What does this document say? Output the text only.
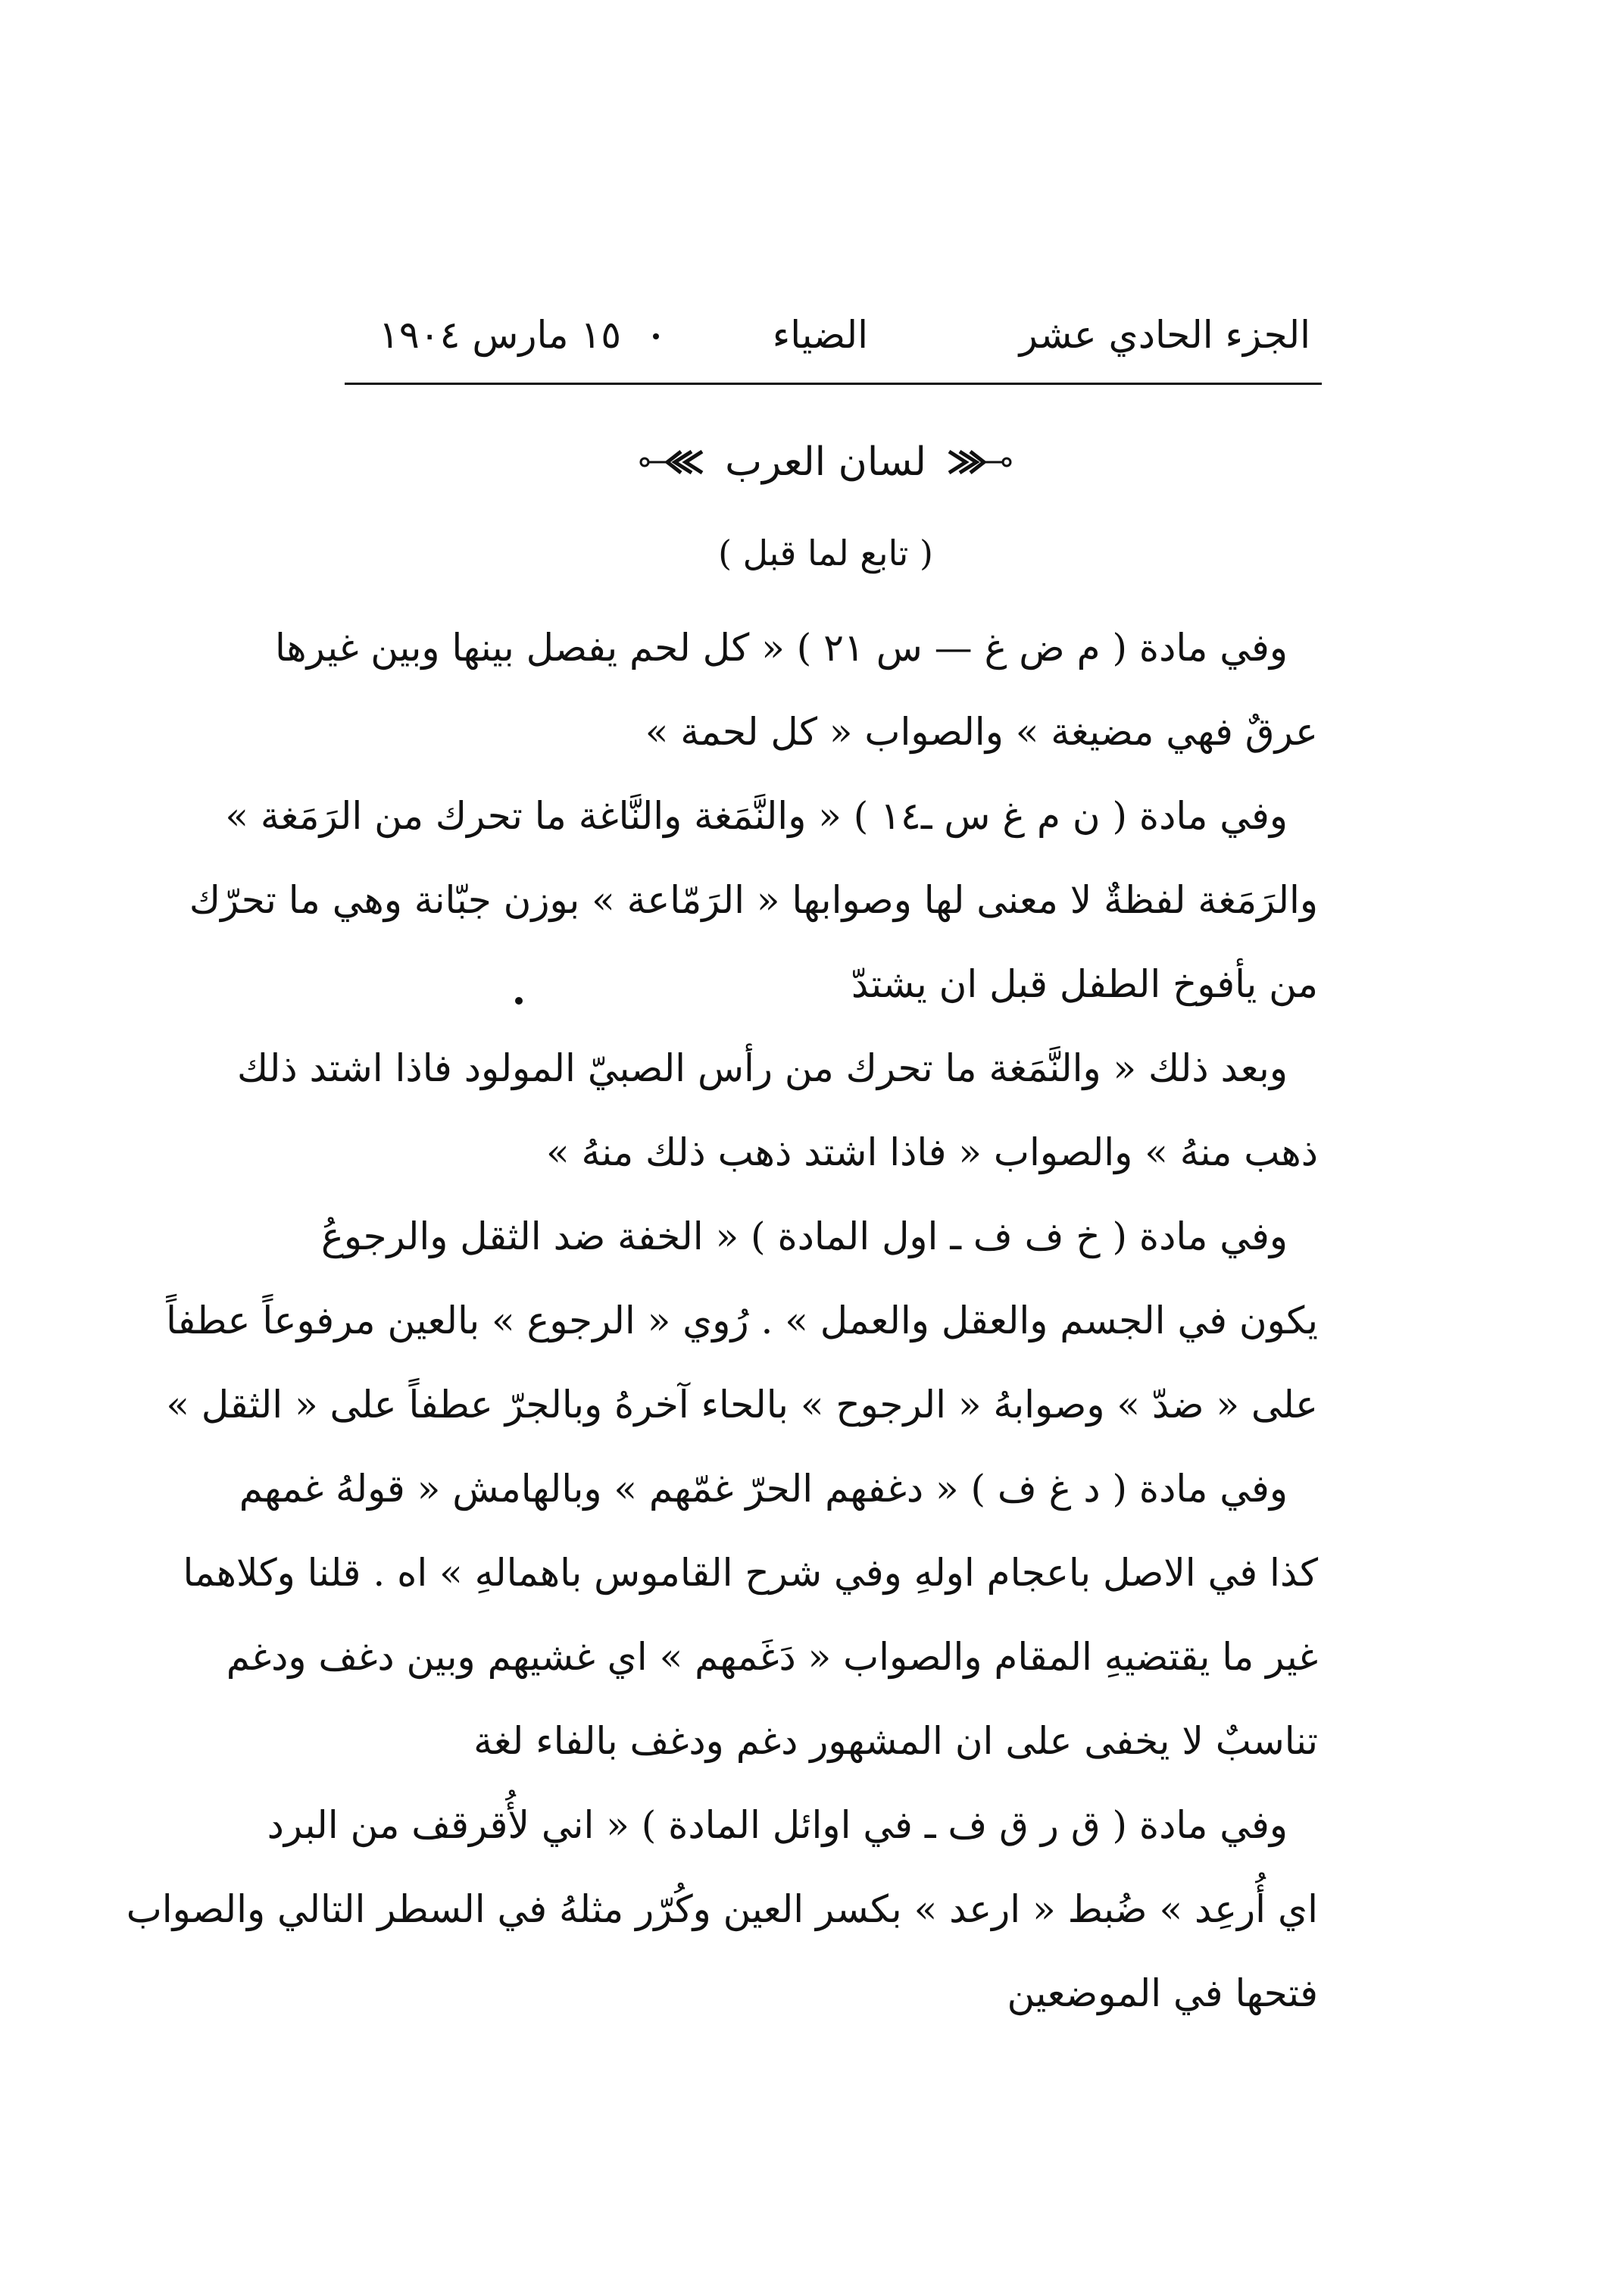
الجزء الحادي عشر
الضياء
١٥ مارس ١٩٠٤
لسان العرب
( تابع لما قبل )
وفي مادة ( م ض غ — س ٢١ ) « كل لحم يفصل بينها وبين غيرها
عرقٌ فهي مضيغة » والصواب « كل لحمة »
وفي مادة ( ن م غ س ـ١٤ ) « والنَّمَغة والنَّاغة ما تحرك من الرَمَغة »
والرَمَغة لفظةٌ لا معنى لها وصوابها « الرَمّاعة » بوزن جبّانة وهي ما تحرّك
من يأفوخ الطفل قبل ان يشتدّ
وبعد ذلك « والنَّمَغة ما تحرك من رأس الصبيّ المولود فاذا اشتد ذلك
ذهب منهُ » والصواب « فاذا اشتد ذهب ذلك منهُ »
وفي مادة ( خ ف ف ـ اول المادة ) « الخفة ضد الثقل والرجوعُ
يكون في الجسم والعقل والعمل » . رُوي « الرجوع » بالعين مرفوعاً عطفاً
على « ضدّ » وصوابهُ « الرجوح » بالحاء آخرهُ وبالجرّ عطفاً على « الثقل »
وفي مادة ( د غ ف ) « دغفهم الحرّ غمّهم » وبالهامش « قولهُ غمهم
كذا في الاصل باعجام اولهِ وفي شرح القاموس باهمالهِ » اه . قلنا وكلاهما
غير ما يقتضيهِ المقام والصواب « دَغَمهم » اي غشيهم وبين دغف ودغم
تناسبٌ لا يخفى على ان المشهور دغم ودغف بالفاء لغة
وفي مادة ( ق ر ق ف ـ في اوائل المادة ) « اني لأُقرقف من البرد
اي أُرعِد » ضُبط « ارعد » بكسر العين وكُرّر مثلهُ في السطر التالي والصواب
فتحها في الموضعين
